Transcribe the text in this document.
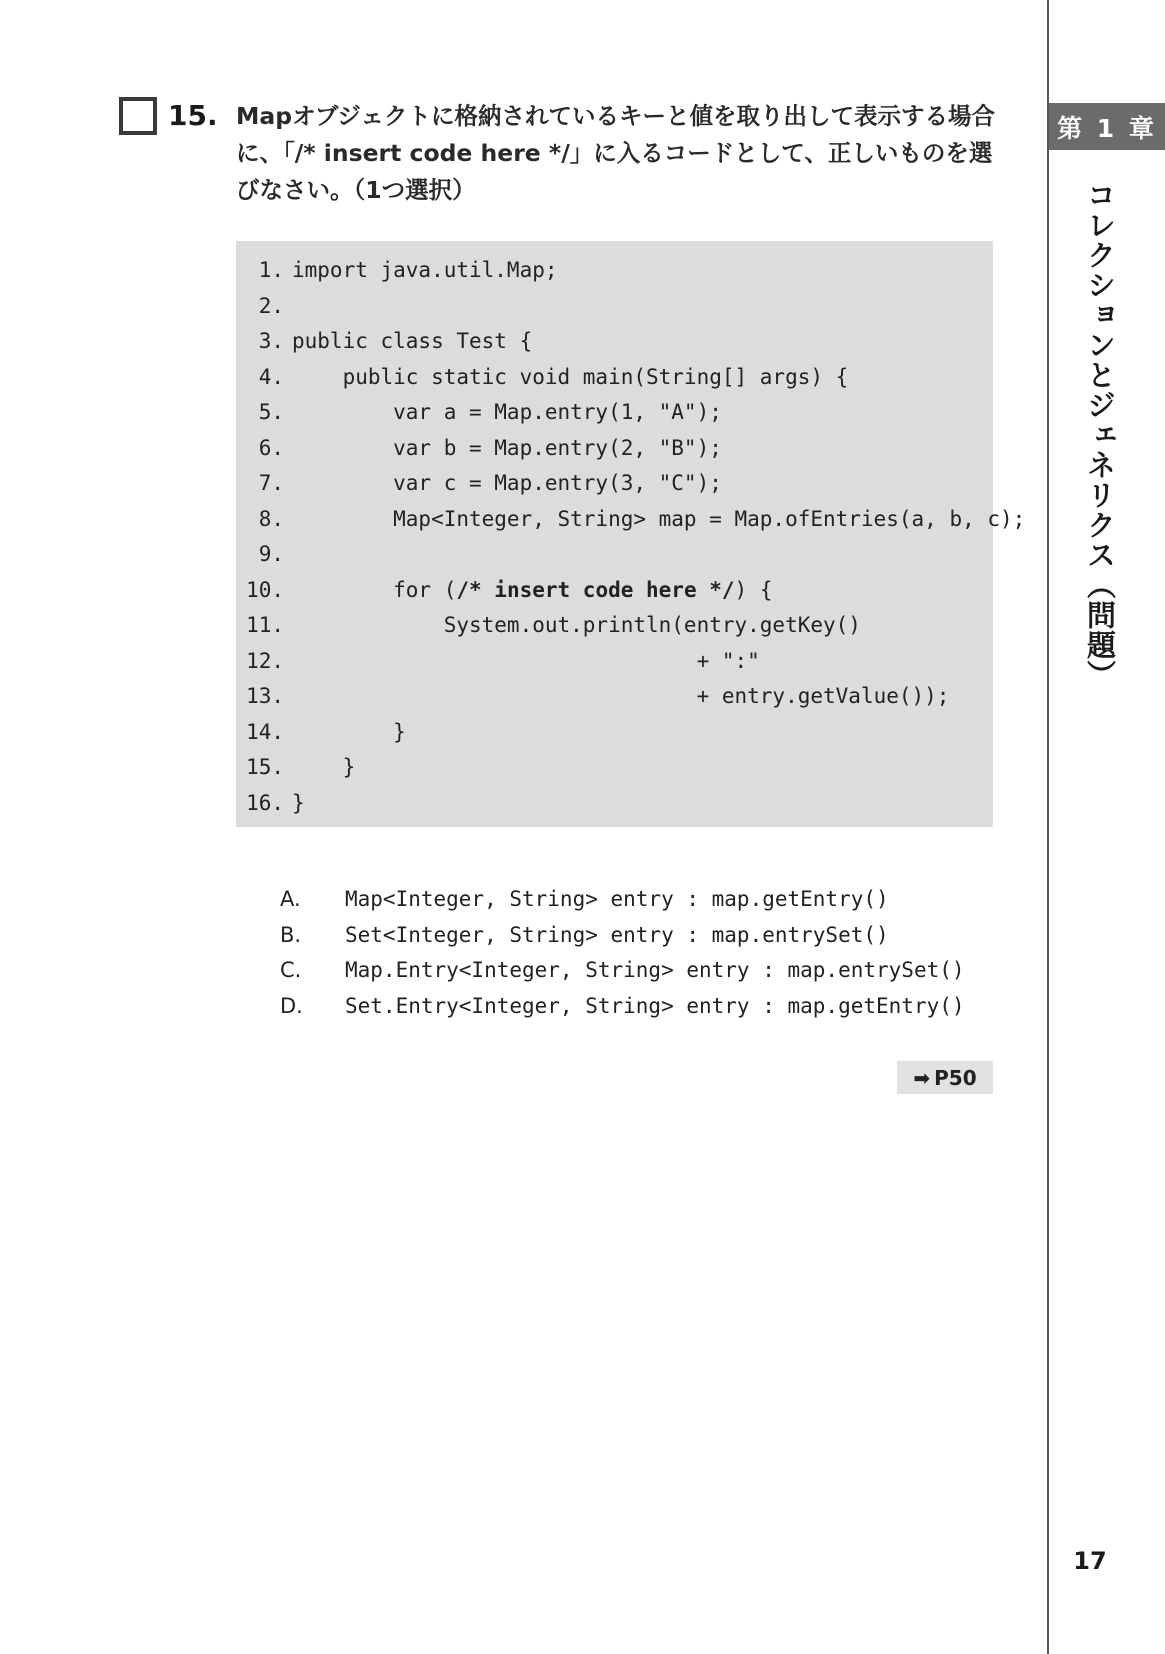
第 1 章
コレクションとジェネリクス（問題）
15. Mapオブジェクトに格納されているキーと値を取り出して表示する場合に、「/* insert code here */」に入るコードとして、正しいものを選びなさい。（1つ選択）

1. import java.util.Map;
2.
3. public class Test {
4.    public static void main(String[] args) {
5.        var a = Map.entry(1, "A");
6.        var b = Map.entry(2, "B");
7.        var c = Map.entry(3, "C");
8.        Map<Integer, String> map = Map.ofEntries(a, b, c);
9.
10.        for (/* insert code here */) {
11.            System.out.println(entry.getKey()
12.                                + ":"
13.                                + entry.getValue());
14.        }
15.    }
16. }
A. Map<Integer, String> entry : map.getEntry()
B. Set<Integer, String> entry : map.entrySet()
C. Map.Entry<Integer, String> entry : map.entrySet()
D. Set.Entry<Integer, String> entry : map.getEntry()
➡ P50
17
